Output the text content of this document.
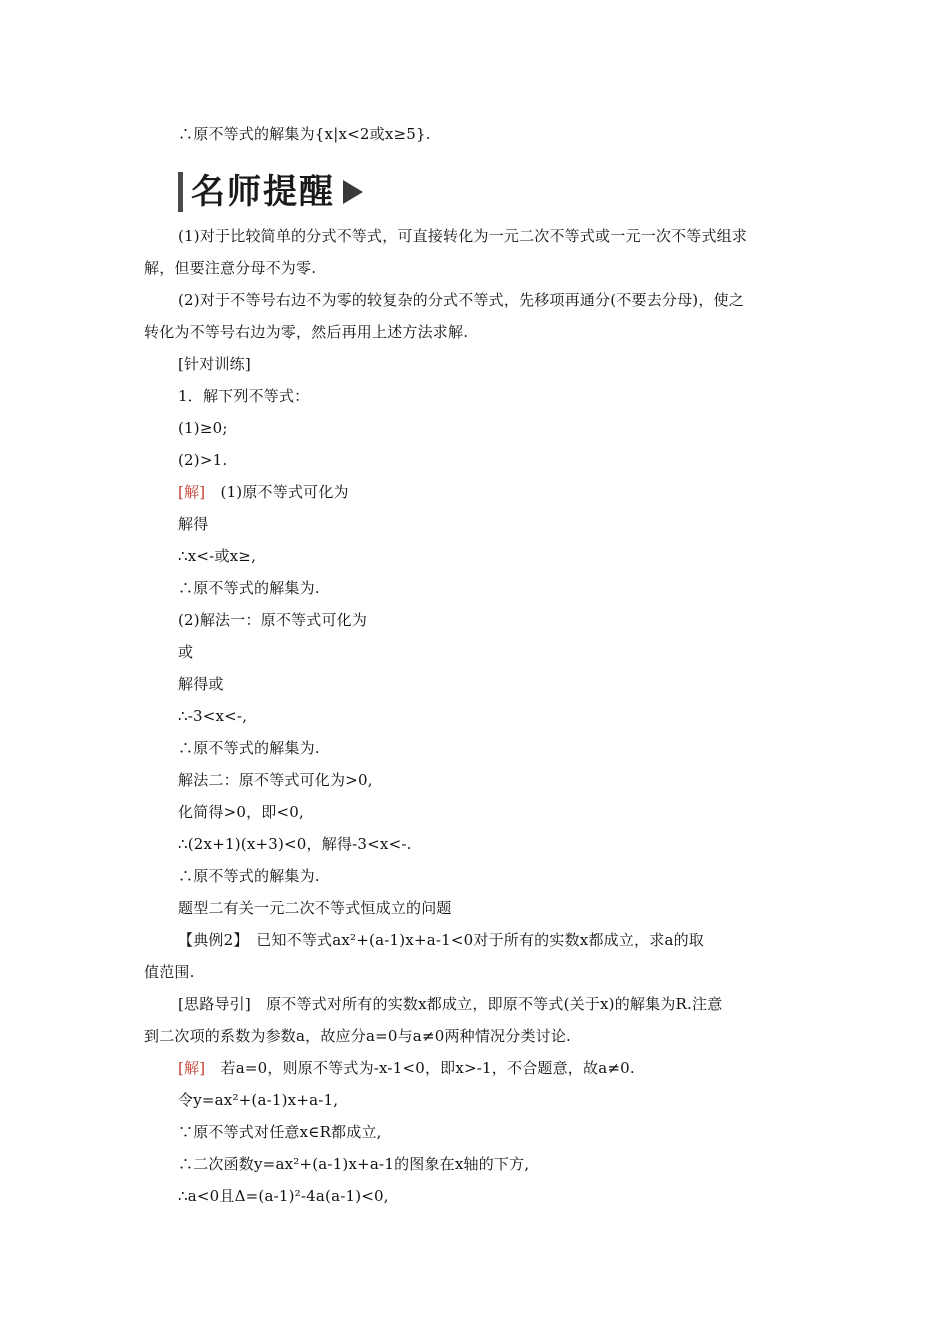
∴原不等式的解集为{x|x<2或x≥5}.
名师提醒
(1)对于比较简单的分式不等式，可直接转化为一元二次不等式或一元一次不等式组求
解，但要注意分母不为零.
(2)对于不等号右边不为零的较复杂的分式不等式，先移项再通分(不要去分母)，使之
转化为不等号右边为零，然后再用上述方法求解.
[针对训练]
1．解下列不等式：
(1)≥0;
(2)>1.
[解]　(1)原不等式可化为
解得
∴x<-或x≥,
∴原不等式的解集为.
(2)解法一：原不等式可化为
或
解得或
∴-3<x<-,
∴原不等式的解集为.
解法二：原不等式可化为>0,
化简得>0，即<0,
∴(2x+1)(x+3)<0，解得-3<x<-.
∴原不等式的解集为.
题型二有关一元二次不等式恒成立的问题
【典例2】　已知不等式ax²+(a-1)x+a-1<0对于所有的实数x都成立，求a的取
值范围.
[思路导引]　原不等式对所有的实数x都成立，即原不等式(关于x)的解集为R.注意
到二次项的系数为参数a，故应分a=0与a≠0两种情况分类讨论.
[解]　若a=0，则原不等式为-x-1<0，即x>-1，不合题意，故a≠0.
令y=ax²+(a-1)x+a-1,
∵原不等式对任意x∈R都成立,
∴二次函数y=ax²+(a-1)x+a-1的图象在x轴的下方,
∴a<0且Δ=(a-1)²-4a(a-1)<0,
